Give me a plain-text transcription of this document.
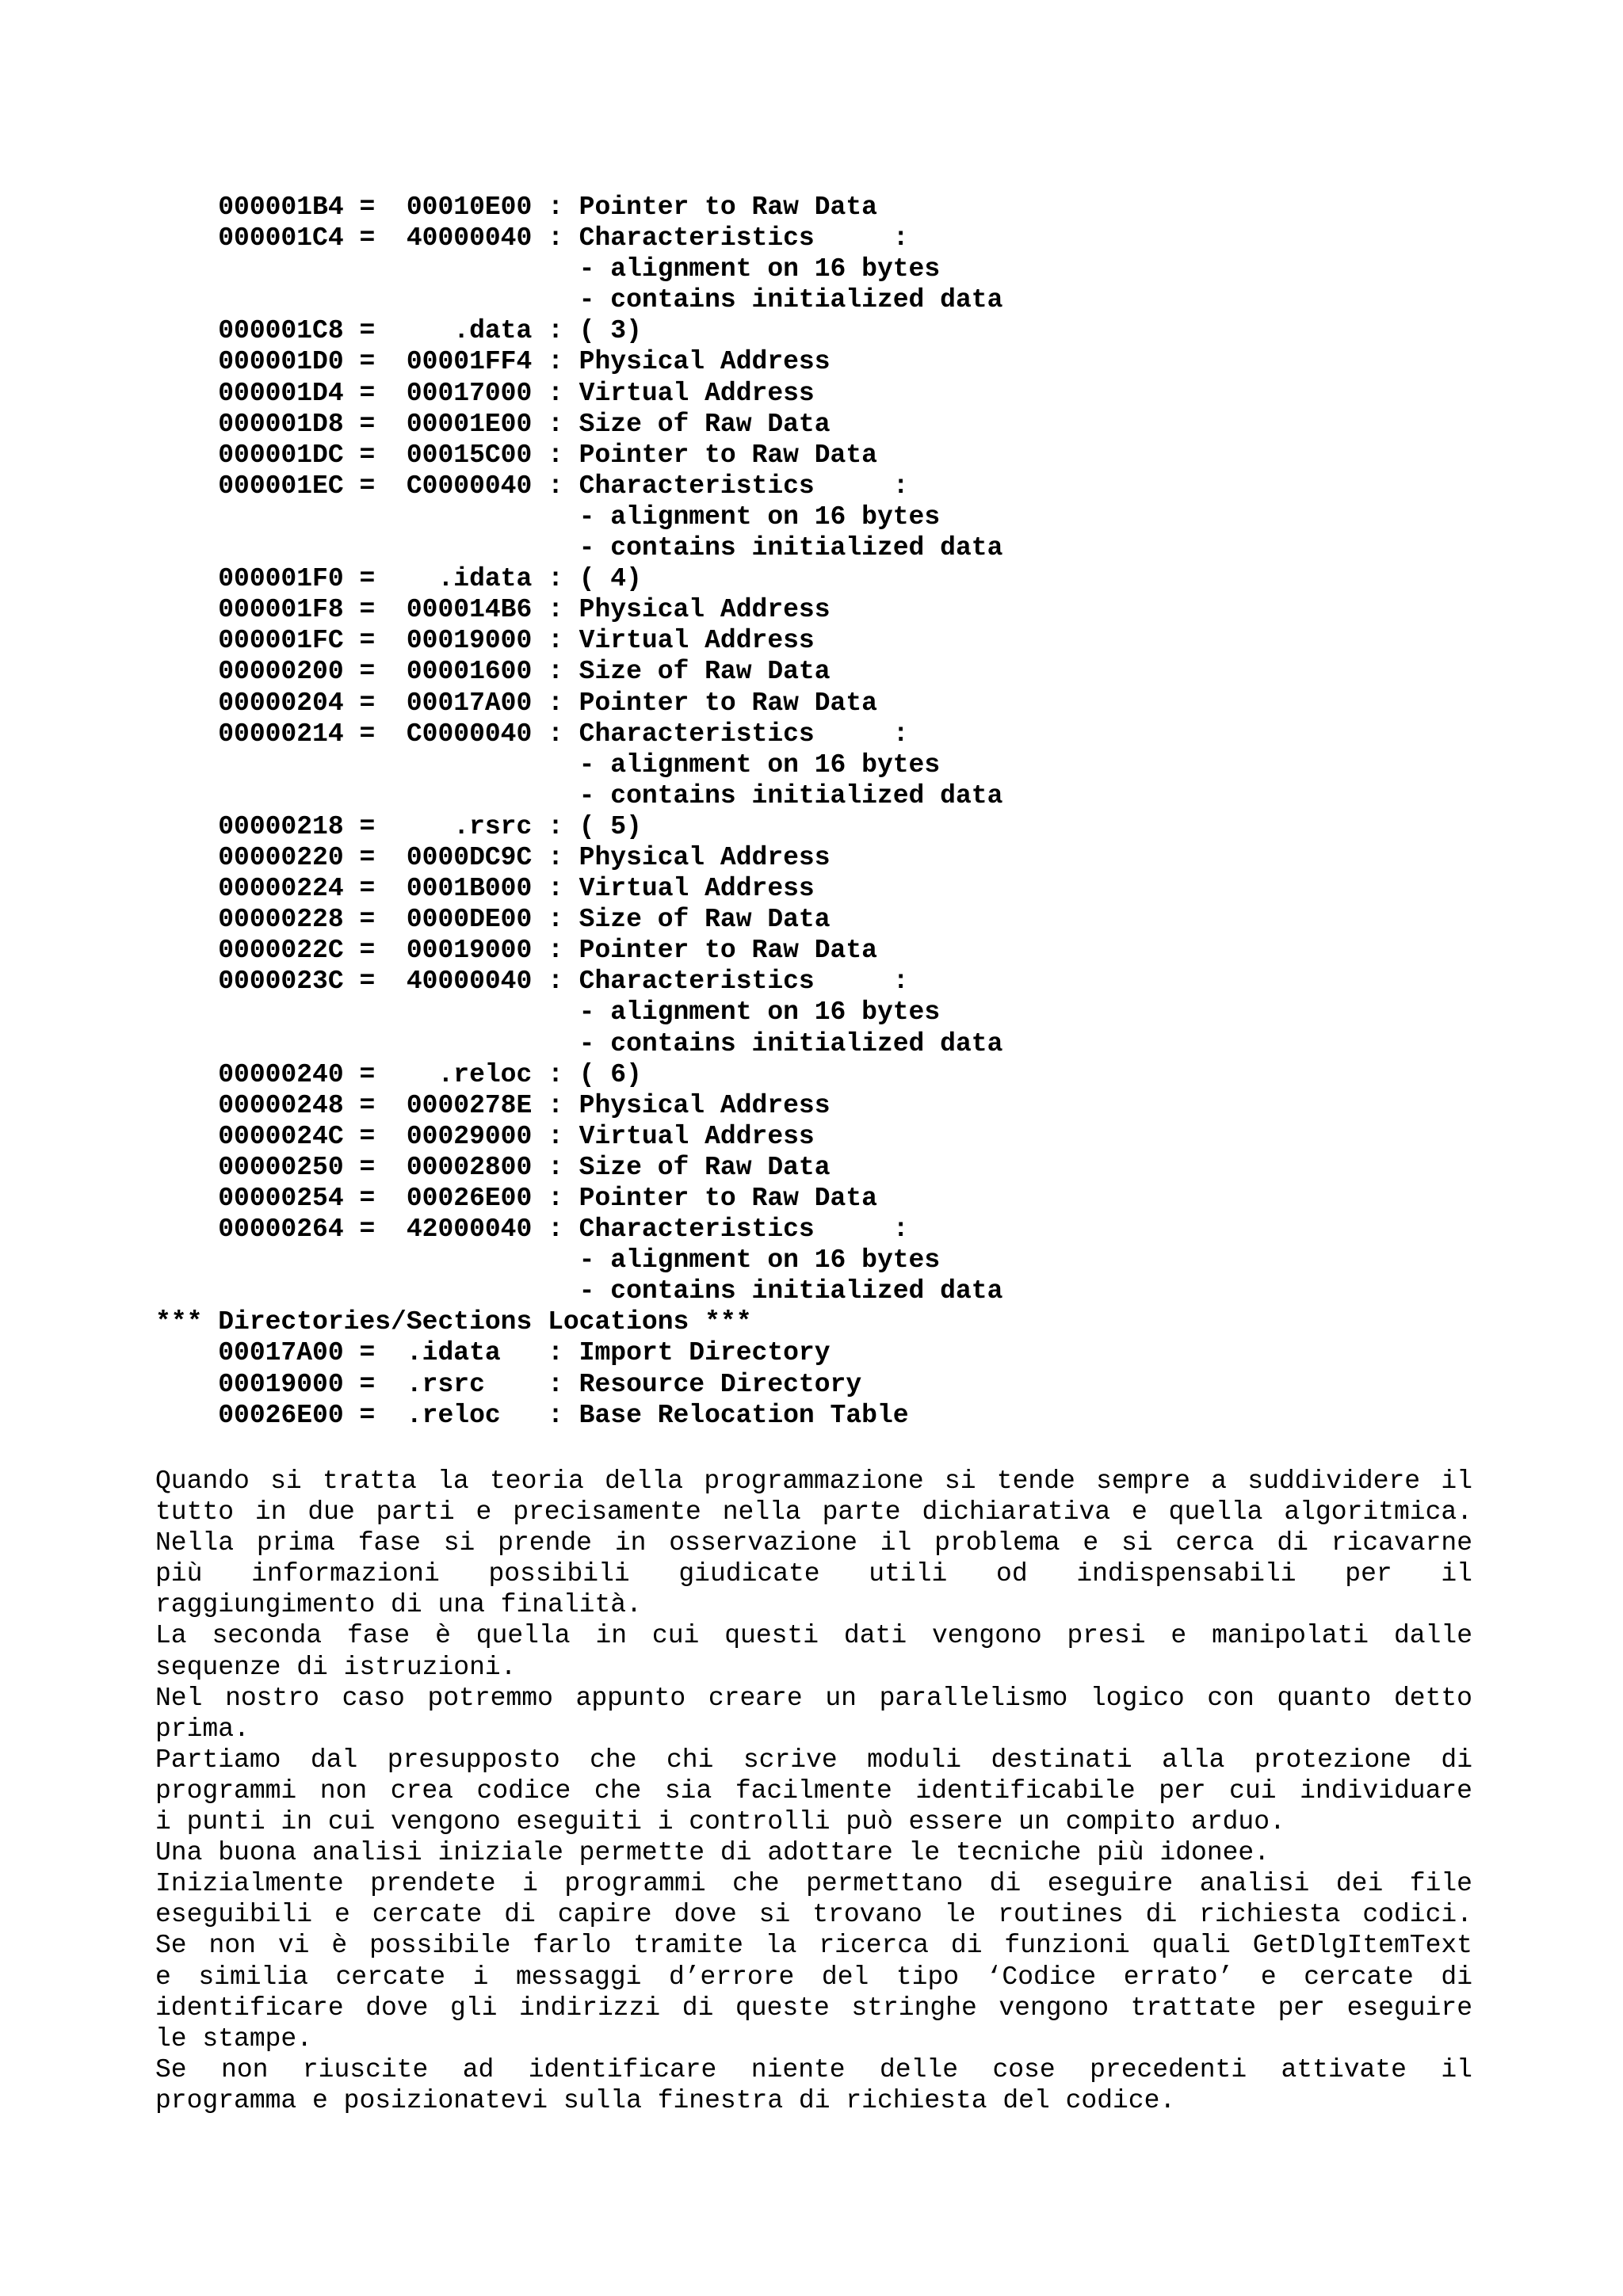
000001B4 =  00010E00 : Pointer to Raw Data
000001C4 =  40000040 : Characteristics     :
- alignment on 16 bytes
- contains initialized data
000001C8 =     .data : ( 3)
000001D0 =  00001FF4 : Physical Address
000001D4 =  00017000 : Virtual Address
000001D8 =  00001E00 : Size of Raw Data
000001DC =  00015C00 : Pointer to Raw Data
000001EC =  C0000040 : Characteristics     :
- alignment on 16 bytes
- contains initialized data
000001F0 =    .idata : ( 4)
000001F8 =  000014B6 : Physical Address
000001FC =  00019000 : Virtual Address
00000200 =  00001600 : Size of Raw Data
00000204 =  00017A00 : Pointer to Raw Data
00000214 =  C0000040 : Characteristics     :
- alignment on 16 bytes
- contains initialized data
00000218 =     .rsrc : ( 5)
00000220 =  0000DC9C : Physical Address
00000224 =  0001B000 : Virtual Address
00000228 =  0000DE00 : Size of Raw Data
0000022C =  00019000 : Pointer to Raw Data
0000023C =  40000040 : Characteristics     :
- alignment on 16 bytes
- contains initialized data
00000240 =    .reloc : ( 6)
00000248 =  0000278E : Physical Address
0000024C =  00029000 : Virtual Address
00000250 =  00002800 : Size of Raw Data
00000254 =  00026E00 : Pointer to Raw Data
00000264 =  42000040 : Characteristics     :
- alignment on 16 bytes
- contains initialized data
*** Directories/Sections Locations ***
00017A00 =  .idata   : Import Directory
00019000 =  .rsrc    : Resource Directory
00026E00 =  .reloc   : Base Relocation Table
Quando si tratta la teoria della programmazione si tende sempre a suddividere il
tutto in due parti e precisamente nella parte dichiarativa e quella algoritmica.
Nella prima fase si prende in osservazione il problema e si cerca di ricavarne
più informazioni possibili giudicate utili od indispensabili per il
raggiungimento di una finalità.
La seconda fase è quella in cui questi dati vengono presi e manipolati dalle
sequenze di istruzioni.
Nel nostro caso potremmo appunto creare un parallelismo logico con quanto detto
prima.
Partiamo dal presupposto che chi scrive moduli destinati alla protezione di
programmi non crea codice che sia facilmente identificabile per cui individuare
i punti in cui vengono eseguiti i controlli può essere un compito arduo.
Una buona analisi iniziale permette di adottare le tecniche più idonee.
Inizialmente prendete i programmi che permettano di eseguire analisi dei file
eseguibili e cercate di capire dove si trovano le routines di richiesta codici.
Se non vi è possibile farlo tramite la ricerca di funzioni quali GetDlgItemText
e similia cercate i messaggi d’errore del tipo ‘Codice errato’ e cercate di
identificare dove gli indirizzi di queste stringhe vengono trattate per eseguire
le stampe.
Se non riuscite ad identificare niente delle cose precedenti attivate il
programma e posizionatevi sulla finestra di richiesta del codice.
